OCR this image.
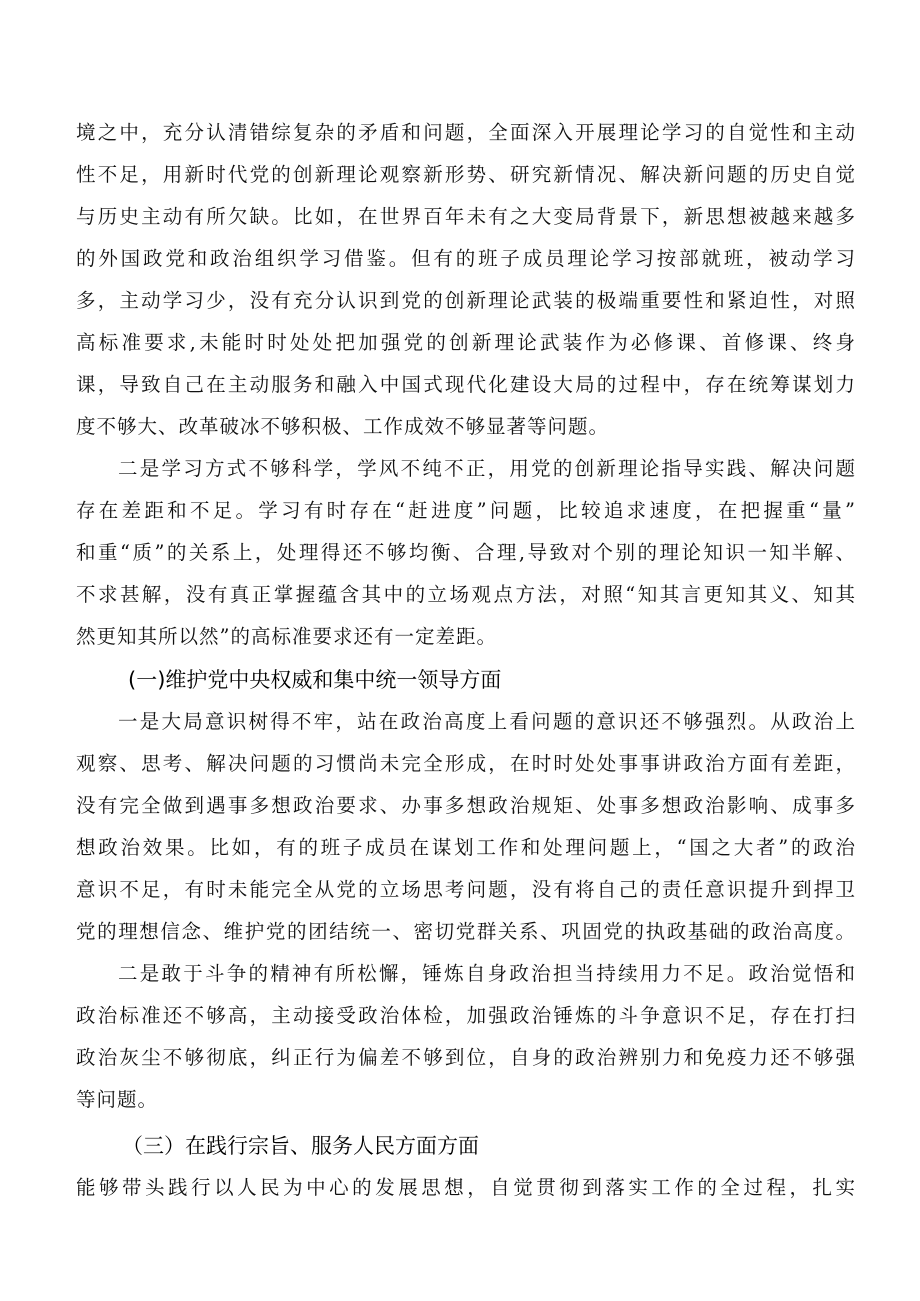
境之中，充分认清错综复杂的矛盾和问题，全面深入开展理论学习的自觉性和主动
性不足，用新时代党的创新理论观察新形势、研究新情况、解决新问题的历史自觉
与历史主动有所欠缺。比如，在世界百年未有之大变局背景下，新思想被越来越多
的外国政党和政治组织学习借鉴。但有的班子成员理论学习按部就班，被动学习
多，主动学习少，没有充分认识到党的创新理论武装的极端重要性和紧迫性，对照
高标准要求,未能时时处处把加强党的创新理论武装作为必修课、首修课、终身
课，导致自己在主动服务和融入中国式现代化建设大局的过程中，存在统筹谋划力
度不够大、改革破冰不够积极、工作成效不够显著等问题。
二是学习方式不够科学，学风不纯不正，用党的创新理论指导实践、解决问题
存在差距和不足。学习有时存在“赶进度”问题，比较追求速度，在把握重“量”
和重“质”的关系上，处理得还不够均衡、合理,导致对个别的理论知识一知半解、
不求甚解，没有真正掌握蕴含其中的立场观点方法，对照“知其言更知其义、知其
然更知其所以然”的高标准要求还有一定差距。
(一)维护党中央权威和集中统一领导方面
一是大局意识树得不牢，站在政治高度上看问题的意识还不够强烈。从政治上
观察、思考、解决问题的习惯尚未完全形成，在时时处处事事讲政治方面有差距，
没有完全做到遇事多想政治要求、办事多想政治规矩、处事多想政治影响、成事多
想政治效果。比如，有的班子成员在谋划工作和处理问题上，“国之大者”的政治
意识不足，有时未能完全从党的立场思考问题，没有将自己的责任意识提升到捍卫
党的理想信念、维护党的团结统一、密切党群关系、巩固党的执政基础的政治高度。
二是敢于斗争的精神有所松懈，锤炼自身政治担当持续用力不足。政治觉悟和
政治标准还不够高，主动接受政治体检，加强政治锤炼的斗争意识不足，存在打扫
政治灰尘不够彻底，纠正行为偏差不够到位，自身的政治辨别力和免疫力还不够强
等问题。
（三）在践行宗旨、服务人民方面方面
能够带头践行以人民为中心的发展思想，自觉贯彻到落实工作的全过程，扎实
